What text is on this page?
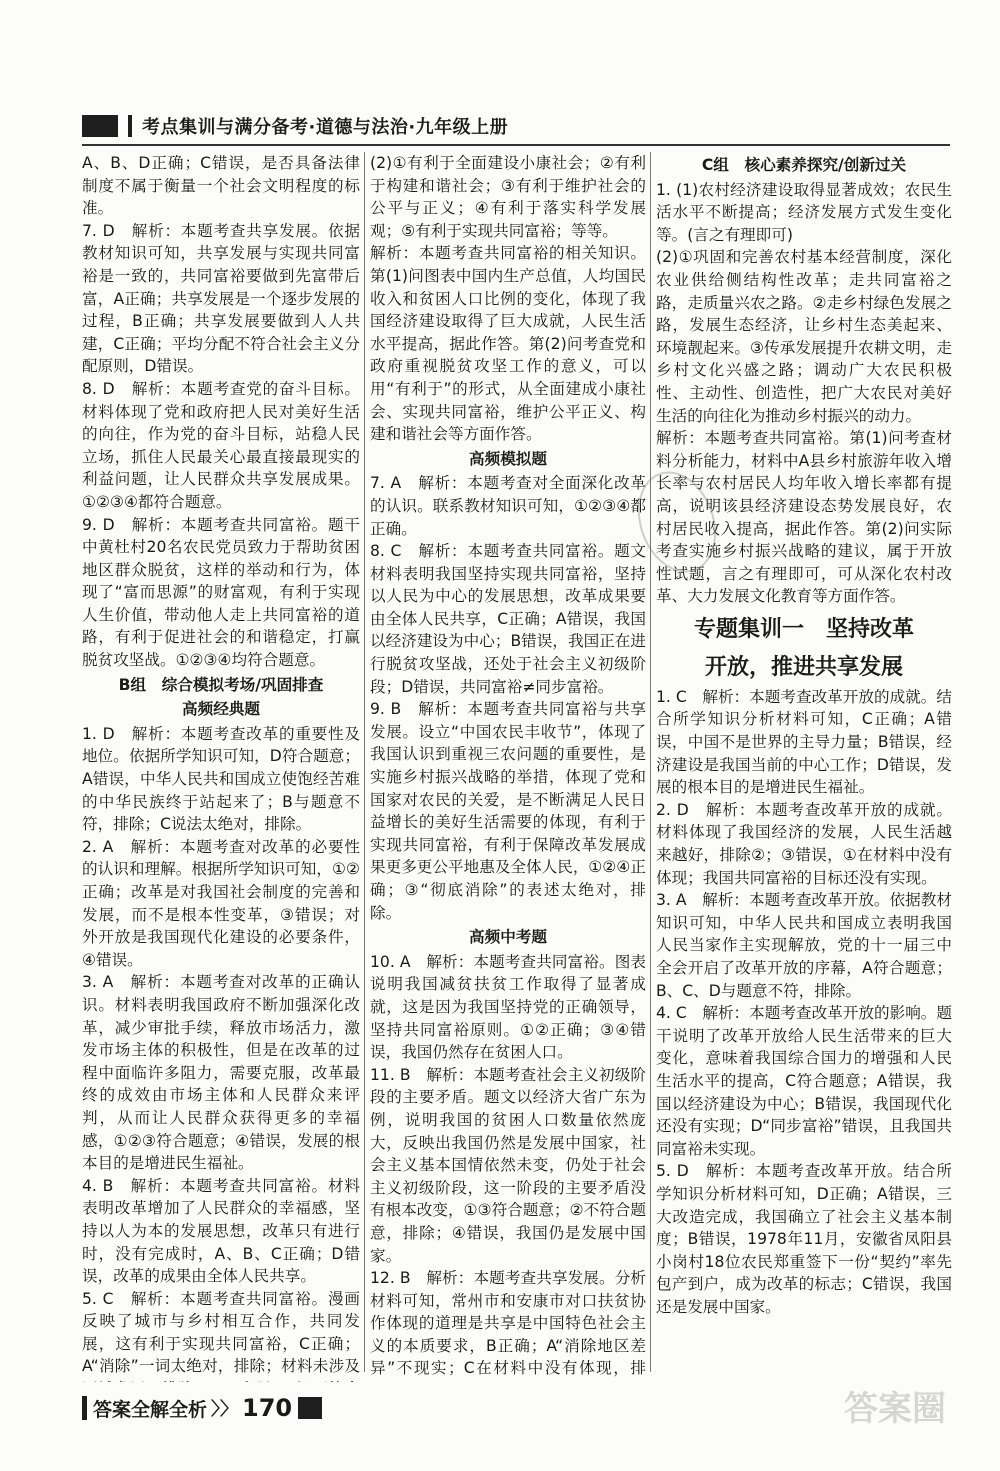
考点集训与满分备考·道德与法治·九年级上册

A、B、D正确；C错误，是否具备法律制度不属于衡量一个社会文明程度的标准。

7. D　解析：本题考查共享发展。依据教材知识可知，共享发展与实现共同富裕是一致的，共同富裕要做到先富带后富，A正确；共享发展是一个逐步发展的过程，B正确；共享发展要做到人人共建，C正确；平均分配不符合社会主义分配原则，D错误。

8. D　解析：本题考查党的奋斗目标。材料体现了党和政府把人民对美好生活的向往，作为党的奋斗目标，站稳人民立场，抓住人民最关心最直接最现实的利益问题，让人民群众共享发展成果。①②③④都符合题意。

9. D　解析：本题考查共同富裕。题干中黄杜村20名农民党员致力于帮助贫困地区群众脱贫，这样的举动和行为，体现了“富而思源”的财富观，有利于实现人生价值，带动他人走上共同富裕的道路，有利于促进社会的和谐稳定，打赢脱贫攻坚战。①②③④均符合题意。

B组　综合模拟考场/巩固排查

高频经典题

1. D　解析：本题考查改革的重要性及地位。依据所学知识可知，D符合题意；A错误，中华人民共和国成立使饱经苦难的中华民族终于站起来了；B与题意不符，排除；C说法太绝对，排除。

2. A　解析：本题考查对改革的必要性的认识和理解。根据所学知识可知，①②正确；改革是对我国社会制度的完善和发展，而不是根本性变革，③错误；对外开放是我国现代化建设的必要条件，④错误。

3. A　解析：本题考查对改革的正确认识。材料表明我国政府不断加强深化改革，减少审批手续，释放市场活力，激发市场主体的积极性，但是在改革的过程中面临许多阻力，需要克服，改革最终的成效由市场主体和人民群众来评判，从而让人民群众获得更多的幸福感，①②③符合题意；④错误，发展的根本目的是增进民生福祉。

4. B　解析：本题考查共同富裕。材料表明改革增加了人民群众的幸福感，坚持以人为本的发展思想，改革只有进行时，没有完成时，A、B、C正确；D错误，改革的成果由全体人民共享。

5. C　解析：本题考查共同富裕。漫画反映了城市与乡村相互合作，共同发展，这有利于实现共同富裕，C正确；A“消除”一词太绝对，排除；材料未涉及

(2)①有利于全面建设小康社会；②有利于构建和谐社会；③有利于维护社会的公平与正义；④有利于落实科学发展观；⑤有利于实现共同富裕；等等。

解析：本题考查共同富裕的相关知识。第(1)问图表中国内生产总值，人均国民收入和贫困人口比例的变化，体现了我国经济建设取得了巨大成就，人民生活水平提高，据此作答。第(2)问考查党和政府重视脱贫攻坚工作的意义，可以用“有利于”的形式，从全面建成小康社会、实现共同富裕，维护公平正义、构建和谐社会等方面作答。

高频模拟题

7. A　解析：本题考查对全面深化改革的认识。联系教材知识可知，①②③④都正确。

8. C　解析：本题考查共同富裕。题文材料表明我国坚持实现共同富裕，坚持以人民为中心的发展思想，改革成果要由全体人民共享，C正确；A错误，我国以经济建设为中心；B错误，我国正在进行脱贫攻坚战，还处于社会主义初级阶段；D错误，共同富裕≠同步富裕。

9. B　解析：本题考查共同富裕与共享发展。设立“中国农民丰收节”，体现了我国认识到重视三农问题的重要性，是实施乡村振兴战略的举措，体现了党和国家对农民的关爱，是不断满足人民日益增长的美好生活需要的体现，有利于实现共同富裕，有利于保障改革发展成果更多更公平地惠及全体人民，①②④正确；③“彻底消除”的表述太绝对，排除。

高频中考题

10. A　解析：本题考查共同富裕。图表说明我国减贫扶贫工作取得了显著成就，这是因为我国坚持党的正确领导，坚持共同富裕原则。①②正确；③④错误，我国仍然存在贫困人口。

11. B　解析：本题考查社会主义初级阶段的主要矛盾。题文以经济大省广东为例，说明我国的贫困人口数量依然庞大，反映出我国仍然是发展中国家，社会主义基本国情依然未变，仍处于社会主义初级阶段，这一阶段的主要矛盾没有根本改变，①③符合题意；②不符合题意，排除；④错误，我国仍是发展中国家。

12. B　解析：本题考查共享发展。分析材料可知，常州市和安康市对口扶贫协作体现的道理是共享是中国特色社会主义的本质要求，B正确；A“消除地区差异”不现实；C在材料中没有体现，排

C组　核心素养探究/创新过关

1. (1)农村经济建设取得显著成效；农民生活水平不断提高；经济发展方式发生变化等。(言之有理即可)

(2)①巩固和完善农村基本经营制度，深化农业供给侧结构性改革；走共同富裕之路，走质量兴农之路。②走乡村绿色发展之路，发展生态经济，让乡村生态美起来、环境靓起来。③传承发展提升农耕文明，走乡村文化兴盛之路；调动广大农民积极性、主动性、创造性，把广大农民对美好生活的向往化为推动乡村振兴的动力。

解析：本题考查共同富裕。第(1)问考查材料分析能力，材料中A县乡村旅游年收入增长率与农村居民人均年收入增长率都有提高，说明该县经济建设态势发展良好，农村居民收入提高，据此作答。第(2)问实际考查实施乡村振兴战略的建议，属于开放性试题，言之有理即可，可从深化农村改革、大力发展文化教育等方面作答。

专题集训一　坚持改革

开放，推进共享发展

1. C　解析：本题考查改革开放的成就。结合所学知识分析材料可知，C正确；A错误，中国不是世界的主导力量；B错误，经济建设是我国当前的中心工作；D错误，发展的根本目的是增进民生福祉。

2. D　解析：本题考查改革开放的成就。材料体现了我国经济的发展，人民生活越来越好，排除②；③错误，①在材料中没有体现；我国共同富裕的目标还没有实现。

3. A　解析：本题考查改革开放。依据教材知识可知，中华人民共和国成立表明我国人民当家作主实现解放，党的十一届三中全会开启了改革开放的序幕，A符合题意；B、C、D与题意不符，排除。

4. C　解析：本题考查改革开放的影响。题干说明了改革开放给人民生活带来的巨大变化，意味着我国综合国力的增强和人民生活水平的提高，C符合题意；A错误，我国以经济建设为中心；B错误，我国现代化还没有实现；D“同步富裕”错误，且我国共同富裕未实现。

5. D　解析：本题考查改革开放。结合所学知识分析材料可知，D正确；A错误，三大改造完成，我国确立了社会主义基本制度；B错误，1978年11月，安徽省凤阳县小岗村18位农民郑重签下一份“契约”率先包产到户，成为改革的标志；C错误，我国还是发展中国家。

答案全解全析 〉〉 170	答案圈
